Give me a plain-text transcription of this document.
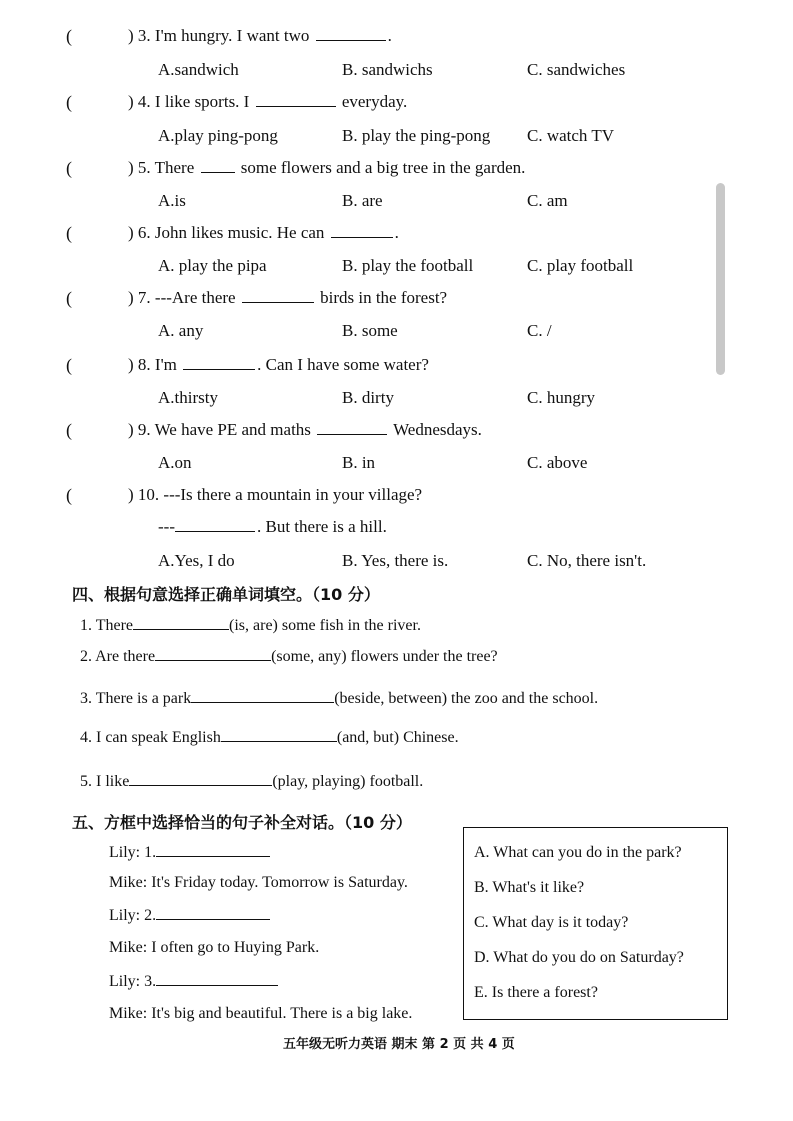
(	) 3. I'm hungry. I want two	.
A.sandwich	B. sandwichs	C. sandwiches
(	) 4. I like sports. I	everyday.
A.play ping-pong	B. play the ping-pong C. watch TV
(	) 5. There	some flowers and a big tree in the garden.
A.is	B. are	C. am
(	) 6. John likes music. He can	.
A. play the pipa	B. play the football	C. play football
(	) 7. ---Are there	birds in the forest?
A. any	B. some	C. /
(	) 8. I'm	. Can I have some water?
A.thirsty	B. dirty	C. hungry
(	) 9. We have PE and maths	Wednesdays.
A.on	B. in	C. above
(	) 10. ---Is there a mountain in your village?
---	. But there is a hill.
A.Yes, I do	B. Yes, there is.	C. No, there isn't.
四、根据句意选择正确单词填空。（10 分）
1. There	(is, are) some fish in the river.
2. Are there	(some, any) flowers under the tree?
3. There is a park	(beside, between) the zoo and the school.
4. I can speak English	(and, but) Chinese.
5. I like	(play, playing) football.
五、方框中选择恰当的句子补全对话。（10 分）
Lily: 1.
Mike: It's Friday today. Tomorrow is Saturday.
Lily: 2.
Mike: I often go to Huying Park.
Lily: 3.
Mike: It's big and beautiful. There is a big lake.
A. What can you do in the park?
B. What's it like?
C. What day is it today?
D. What do you do on Saturday?
E. Is there a forest?
五年级无听力英语 期末 第 2 页 共 4 页
